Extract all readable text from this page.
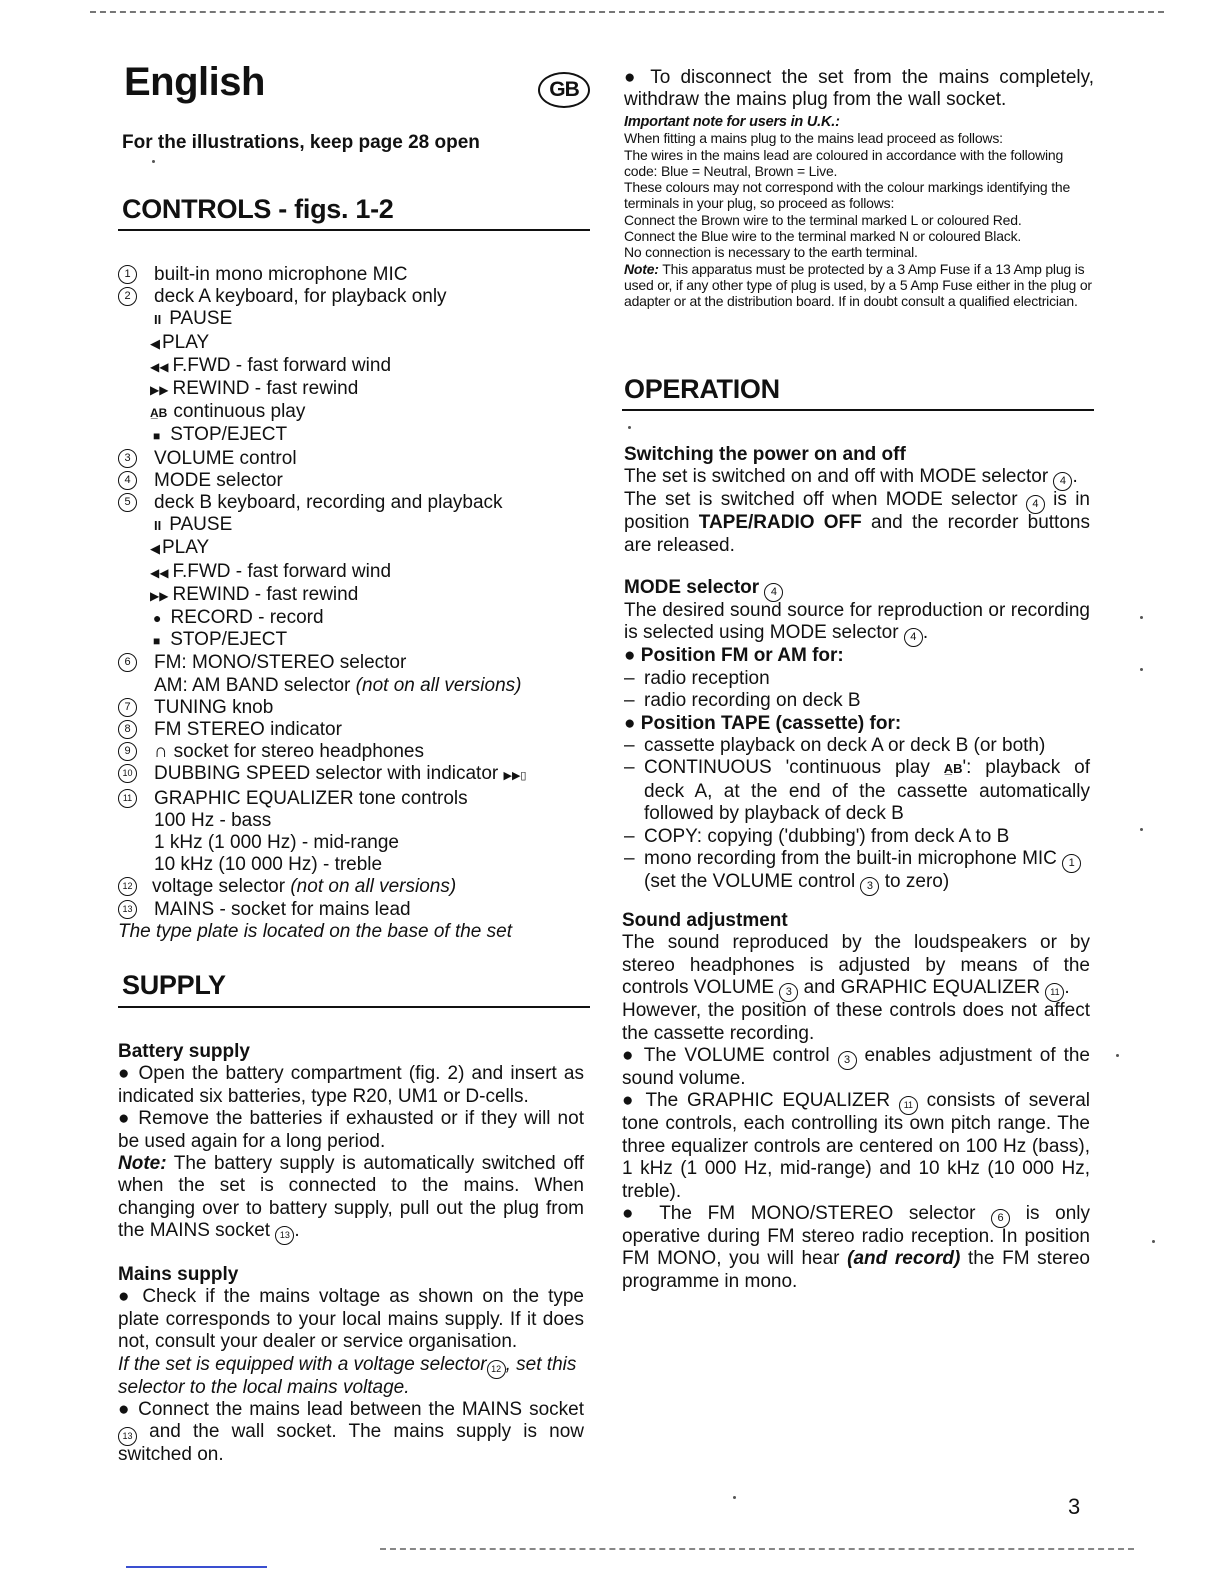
English	GB
For the illustrations, keep page 28 open
CONTROLS - figs. 1-2
1	built-in mono microphone MIC
2	deck A keyboard, for playback only
II PAUSE
◀ PLAY
◀◀ F.FWD - fast forward wind
▶▶ REWIND - fast rewind
A̲B continuous play
■ STOP/EJECT
3	VOLUME control
4	MODE selector
5	deck B keyboard, recording and playback
II PAUSE
◀ PLAY
◀◀ F.FWD - fast forward wind
▶▶ REWIND - fast rewind
● RECORD - record
■ STOP/EJECT
6	FM: MONO/STEREO selector
AM: AM BAND selector (not on all versions)
7	TUNING knob
8	FM STEREO indicator
9	∩ socket for stereo headphones
10 DUBBING SPEED selector with indicator ▶▶▯
11 GRAPHIC EQUALIZER tone controls
100 Hz - bass
1 kHz (1 000 Hz) - mid-range
10 kHz (10 000 Hz) - treble
12 voltage selector (not on all versions)
13 MAINS - socket for mains lead
The type plate is located on the base of the set
SUPPLY
Battery supply
● Open the battery compartment (fig. 2) and insert as indicated six batteries, type R20, UM1 or D-cells.
● Remove the batteries if exhausted or if they will not be used again for a long period.
Note: The battery supply is automatically switched off when the set is connected to the mains. When changing over to battery supply, pull out the plug from the MAINS socket 13 .
Mains supply
● Check if the mains voltage as shown on the type plate corresponds to your local mains supply. If it does not, consult your dealer or service organisation.
If the set is equipped with a voltage selector 12 , set this selector to the local mains voltage.
● Connect the mains lead between the MAINS socket13 and the wall socket. The mains supply is now switched on.
● To disconnect the set from the mains completely, withdraw the mains plug from the wall socket.
Important note for users in U.K.:
When fitting a mains plug to the mains lead proceed as follows:
The wires in the mains lead are coloured in accordance with the following code: Blue = Neutral, Brown = Live.
These colours may not correspond with the colour markings identifying the terminals in your plug, so proceed as follows:
Connect the Brown wire to the terminal marked L or coloured Red.
Connect the Blue wire to the terminal marked N or coloured Black.
No connection is necessary to the earth terminal.
Note: This apparatus must be protected by a 3 Amp Fuse if a 13 Amp plug is used or, if any other type of plug is used, by a 5 Amp Fuse either in the plug or adapter or at the distribution board. If in doubt consult a qualified electrician.
OPERATION
Switching the power on and off
The set is switched on and off with MODE selector 4 .
The set is switched off when MODE selector 4 is in position TAPE/RADIO OFF and the recorder buttons are released.
MODE selector 4
The desired sound source for reproduction or recording is selected using MODE selector 4 .
● Position FM or AM for:
– radio reception
– radio recording on deck B
● Position TAPE (cassette) for:
– cassette playback on deck A or deck B (or both)
– CONTINUOUS 'continuous play A̲B': playback of deck A, at the end of the cassette automatically followed by playback of deck B
– COPY: copying ('dubbing') from deck A to B
– mono recording from the built-in microphone MIC 1
(set the VOLUME control 3 to zero)
Sound adjustment
The sound reproduced by the loudspeakers or by stereo headphones is adjusted by means of the controls VOLUME 3 and GRAPHIC EQUALIZER 11 .
However, the position of these controls does not affect the cassette recording.
● The VOLUME control 3 enables adjustment of the sound volume.
● The GRAPHIC EQUALIZER 11 consists of several tone controls, each controlling its own pitch range. The three equalizer controls are centered on 100 Hz (bass), 1 kHz (1 000 Hz, mid-range) and 10 kHz (10 000 Hz, treble).
● The FM MONO/STEREO selector 6 is only operative during FM stereo radio reception. In position FM MONO, you will hear (and record) the FM stereo programme in mono.
3
